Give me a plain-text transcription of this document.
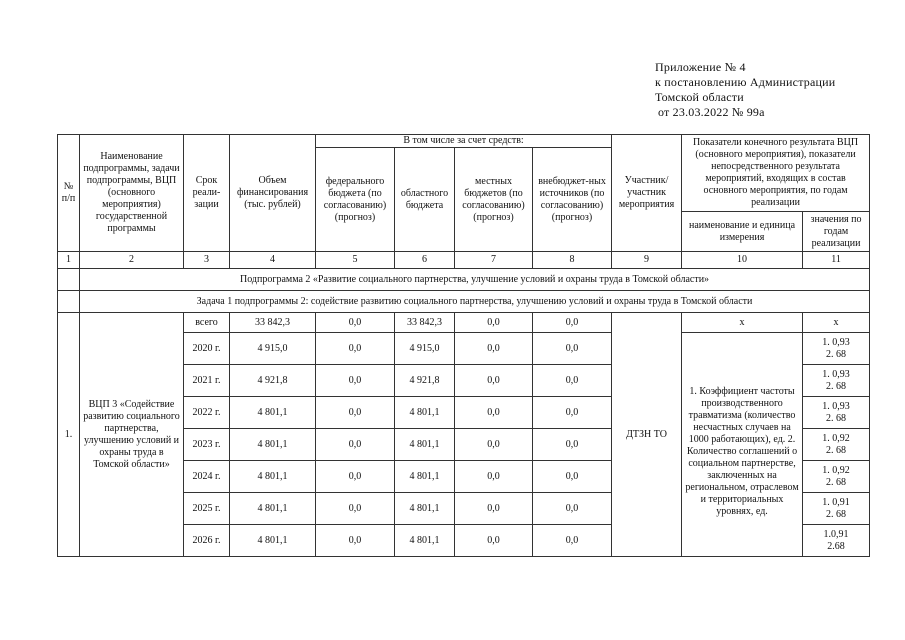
Приложение № 4
к постановлению Администрации
Томской области
от 23.03.2022 № 99а
№ п/п	Наименование подпрограммы, задачи подпрограммы, ВЦП (основного мероприятия) государственной программы	Срок реали-зации	Объем финансирования (тыс. рублей)	В том числе за счет средств:				Участник/ участник мероприятия	Показатели конечного результата ВЦП (основного мероприятия), показатели непосредственного результата мероприятий, входящих в состав основного мероприятия, по годам реализации	
				федерального бюджета (по согласованию) (прогноз)	областного бюджета	местных бюджетов (по согласованию) (прогноз)	внебюджет-ных источников (по согласованию) (прогноз)			
									наименование и единица измерения	значения по годам реализации
1	2	3	4	5	6	7	8	9	10	11
	Подпрограмма 2 «Развитие социального партнерства, улучшение условий и охраны труда в Томской области»									
	Задача 1 подпрограммы 2: содействие развитию социального партнерства, улучшению условий и охраны труда в Томской области									
1.	ВЦП 3 «Содействие развитию социального партнерства, улучшению условий и охраны труда в Томской области»	всего	33 842,3	0,0	33 842,3	0,0	0,0	ДТЗН ТО	х	х
		2020 г.	4 915,0	0,0	4 915,0	0,0	0,0		1. Коэффициент частоты производственного травматизма (количество несчастных случаев на 1000 работающих), ед. 2. Количество соглашений о социальном партнерстве, заключенных на региональном, отраслевом и территориальных уровнях, ед.	1. 0,93
2. 68

		2021 г.	4 921,8	0,0	4 921,8	0,0	0,0			1. 0,93
2. 68

		2022 г.	4 801,1	0,0	4 801,1	0,0	0,0			1. 0,93
2. 68

		2023 г.	4 801,1	0,0	4 801,1	0,0	0,0			1. 0,92
2. 68

		2024 г.	4 801,1	0,0	4 801,1	0,0	0,0			1. 0,92
2. 68

		2025 г.	4 801,1	0,0	4 801,1	0,0	0,0			1. 0,91
2. 68

		2026 г.	4 801,1	0,0	4 801,1	0,0	0,0			1.0,91
2.68
